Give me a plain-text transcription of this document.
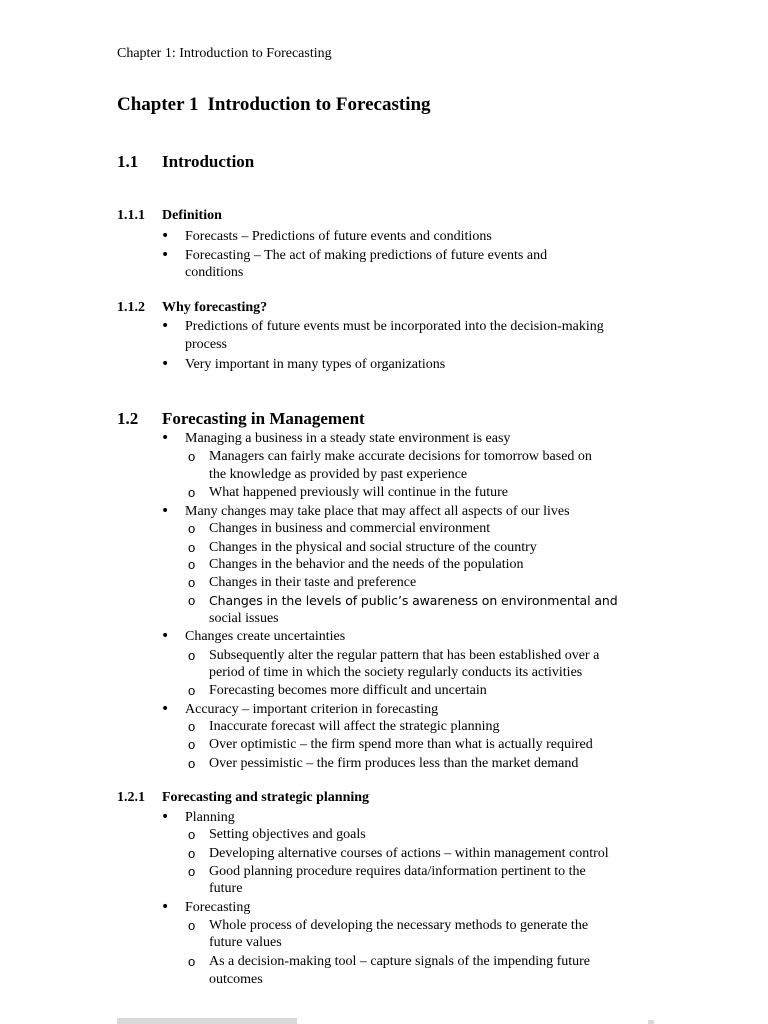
Chapter 1: Introduction to Forecasting
Chapter 1 Introduction to Forecasting
1.1 Introduction
1.1.1 Definition
• Forecasts – Predictions of future events and conditions
• Forecasting – The act of making predictions of future events and
conditions
1.1.2 Why forecasting?
• Predictions of future events must be incorporated into the decision-making
process
• Very important in many types of organizations
1.2 Forecasting in Management
• Managing a business in a steady state environment is easy
o Managers can fairly make accurate decisions for tomorrow based on
the knowledge as provided by past experience
o What happened previously will continue in the future
• Many changes may take place that may affect all aspects of our lives
o Changes in business and commercial environment
o Changes in the physical and social structure of the country
o Changes in the behavior and the needs of the population
o Changes in their taste and preference
o Changes in the levels of public’s awareness on environmental and
social issues
• Changes create uncertainties
o Subsequently alter the regular pattern that has been established over a
period of time in which the society regularly conducts its activities
o Forecasting becomes more difficult and uncertain
• Accuracy – important criterion in forecasting
o Inaccurate forecast will affect the strategic planning
o Over optimistic – the firm spend more than what is actually required
o Over pessimistic – the firm produces less than the market demand
1.2.1 Forecasting and strategic planning
• Planning
o Setting objectives and goals
o Developing alternative courses of actions – within management control
o Good planning procedure requires data/information pertinent to the
future
• Forecasting
o Whole process of developing the necessary methods to generate the
future values
o As a decision-making tool – capture signals of the impending future
outcomes
